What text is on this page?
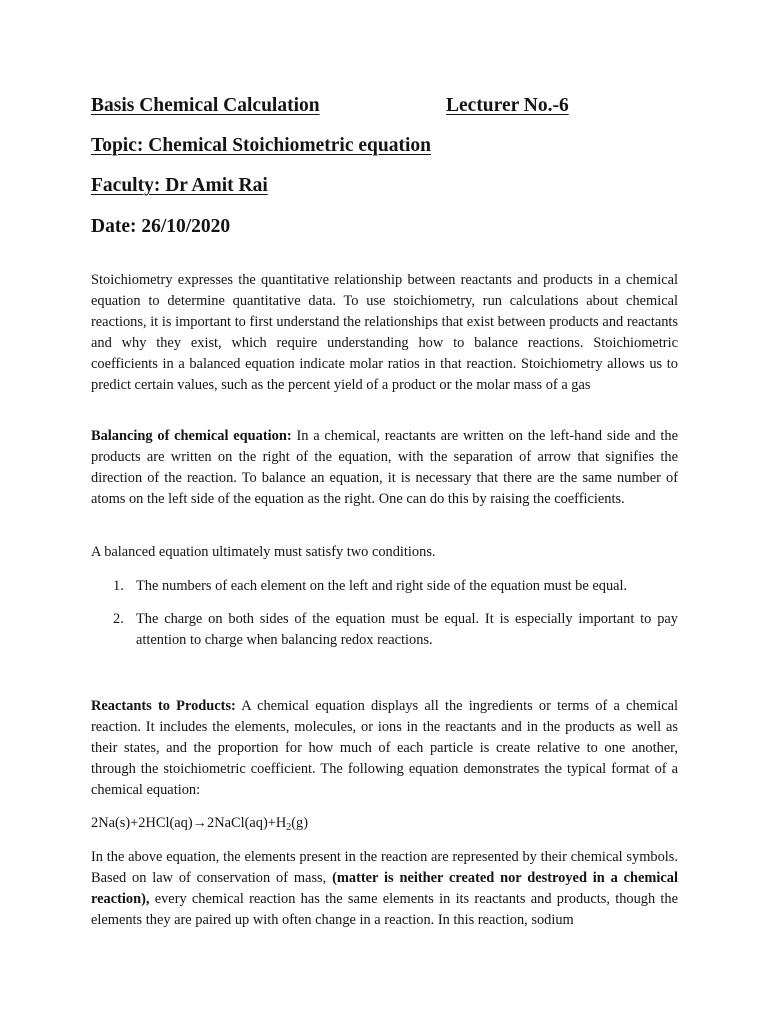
Basis Chemical Calculation	Lecturer No.-6
Topic: Chemical Stoichiometric equation
Faculty: Dr Amit Rai
Date: 26/10/2020

Stoichiometry expresses the quantitative relationship between reactants and products in a chemical equation to determine quantitative data. To use stoichiometry, run calculations about chemical reactions, it is important to first understand the relationships that exist between products and reactants and why they exist, which require understanding how to balance reactions. Stoichiometric coefficients in a balanced equation indicate molar ratios in that reaction. Stoichiometry allows us to predict certain values, such as the percent yield of a product or the molar mass of a gas

Balancing of chemical equation: In a chemical, reactants are written on the left-hand side and the products are written on the right of the equation, with the separation of arrow that signifies the direction of the reaction. To balance an equation, it is necessary that there are the same number of atoms on the left side of the equation as the right. One can do this by raising the coefficients.

A balanced equation ultimately must satisfy two conditions.

1. The numbers of each element on the left and right side of the equation must be equal.

2. The charge on both sides of the equation must be equal. It is especially important to pay attention to charge when balancing redox reactions.

Reactants to Products: A chemical equation displays all the ingredients or terms of a chemical reaction. It includes the elements, molecules, or ions in the reactants and in the products as well as their states, and the proportion for how much of each particle is create relative to one another, through the stoichiometric coefficient. The following equation demonstrates the typical format of a chemical equation:

$2Na(s)+2HCl(aq)\to 2NaCl(aq)+H_2(g)$

In the above equation, the elements present in the reaction are represented by their chemical symbols. Based on law of conservation of mass, (matter is neither created nor destroyed in a chemical reaction), every chemical reaction has the same elements in its reactants and products, though the elements they are paired up with often change in a reaction. In this reaction, sodium
